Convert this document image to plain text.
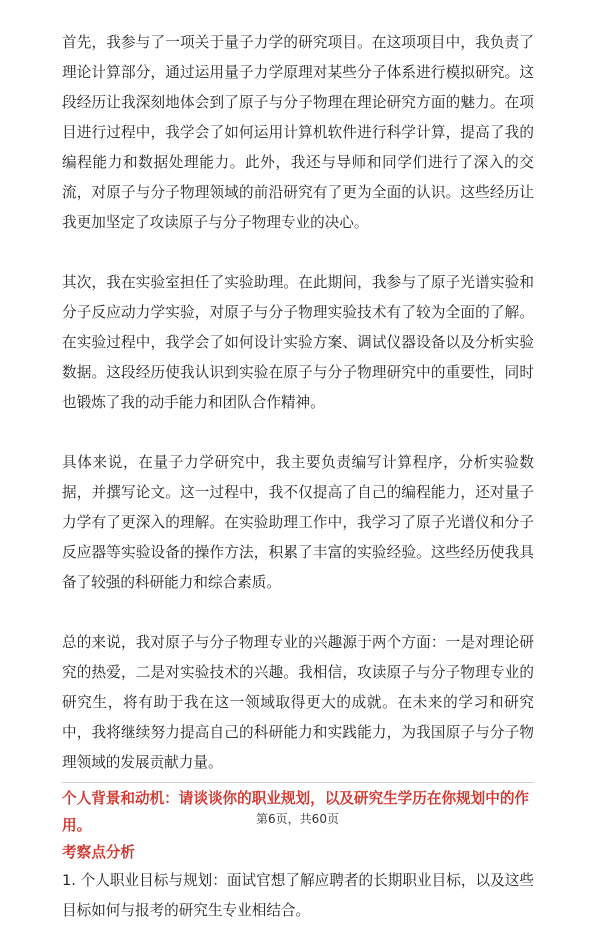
首先，我参与了一项关于量子力学的研究项目。在这项项目中，我负责了理论计算部分，通过运用量子力学原理对某些分子体系进行模拟研究。这段经历让我深刻地体会到了原子与分子物理在理论研究方面的魅力。在项目进行过程中，我学会了如何运用计算机软件进行科学计算，提高了我的编程能力和数据处理能力。此外，我还与导师和同学们进行了深入的交流，对原子与分子物理领域的前沿研究有了更为全面的认识。这些经历让我更加坚定了攻读原子与分子物理专业的决心。

其次，我在实验室担任了实验助理。在此期间，我参与了原子光谱实验和分子反应动力学实验，对原子与分子物理实验技术有了较为全面的了解。在实验过程中，我学会了如何设计实验方案、调试仪器设备以及分析实验数据。这段经历使我认识到实验在原子与分子物理研究中的重要性，同时也锻炼了我的动手能力和团队合作精神。

具体来说，在量子力学研究中，我主要负责编写计算程序，分析实验数据，并撰写论文。这一过程中，我不仅提高了自己的编程能力，还对量子力学有了更深入的理解。在实验助理工作中，我学习了原子光谱仪和分子反应器等实验设备的操作方法，积累了丰富的实验经验。这些经历使我具备了较强的科研能力和综合素质。

总的来说，我对原子与分子物理专业的兴趣源于两个方面：一是对理论研究的热爱，二是对实验技术的兴趣。我相信，攻读原子与分子物理专业的研究生，将有助于我在这一领域取得更大的成就。在未来的学习和研究中，我将继续努力提高自己的科研能力和实践能力，为我国原子与分子物理领域的发展贡献力量。

个人背景和动机：请谈谈你的职业规划，以及研究生学历在你规划中的作用。

考察点分析

1. 个人职业目标与规划：面试官想了解应聘者的长期职业目标，以及这些目标如何与报考的研究生专业相结合。

第6页，共60页
